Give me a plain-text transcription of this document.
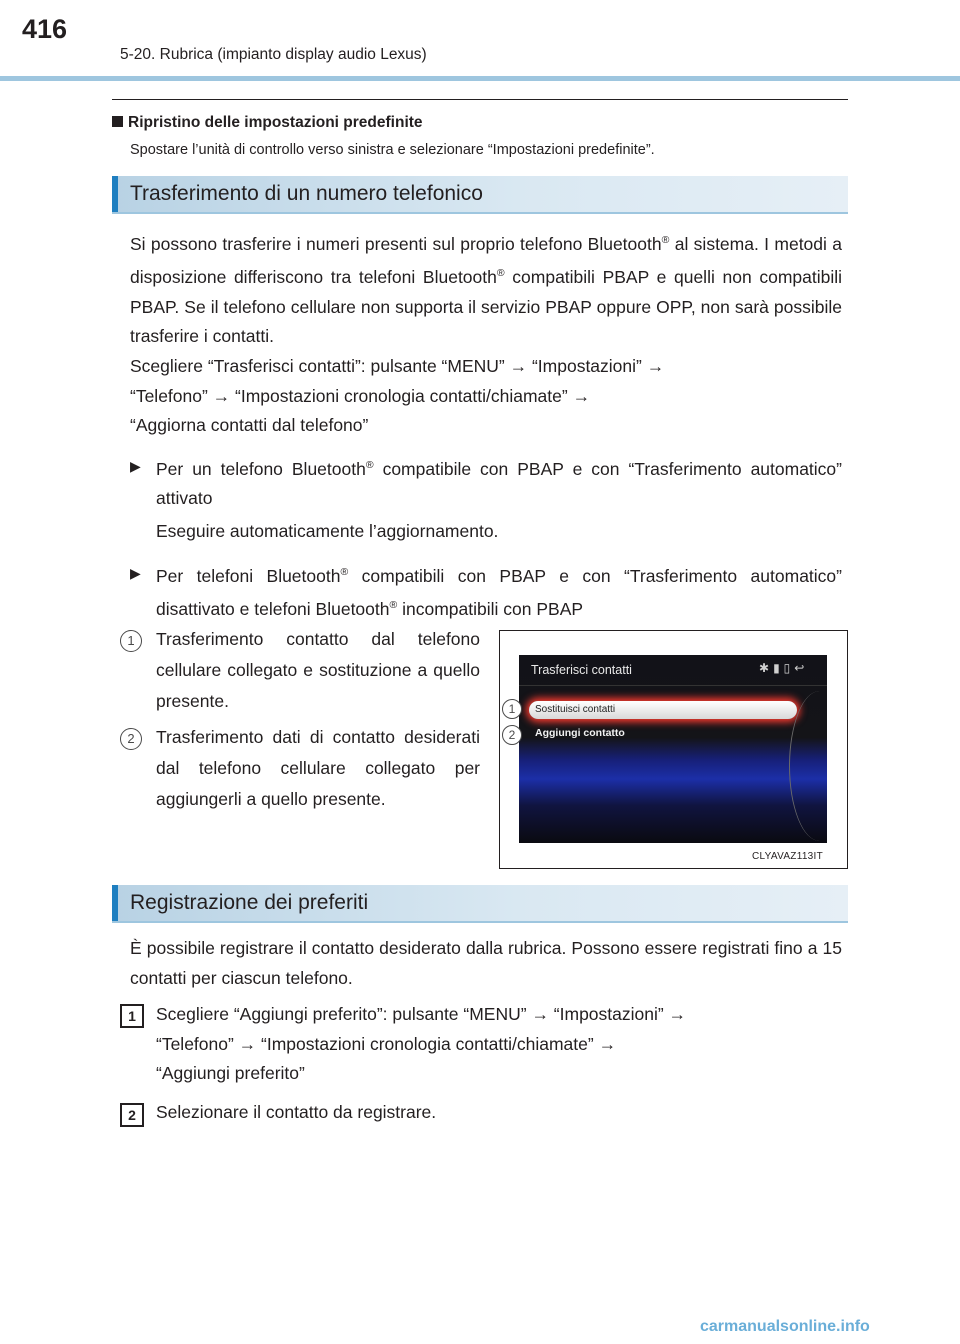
416
5-20. Rubrica (impianto display audio Lexus)
Ripristino delle impostazioni predefinite
Spostare l’unità di controllo verso sinistra e selezionare “Impostazioni predefinite”.
Trasferimento di un numero telefonico
Si possono trasferire i numeri presenti sul proprio telefono Bluetooth® al sistema. I metodi a disposizione differiscono tra telefoni Bluetooth® compatibili PBAP e quelli non compatibili PBAP. Se il telefono cellulare non supporta il servizio PBAP oppure OPP, non sarà possibile trasferire i contatti.
Scegliere “Trasferisci contatti”: pulsante “MENU” → “Impostazioni” →
“Telefono” → “Impostazioni cronologia contatti/chiamate” →
“Aggiorna contatti dal telefono”
▶ Per un telefono Bluetooth® compatibile con PBAP e con “Trasferimento automatico” attivato
Eseguire automaticamente l’aggiornamento.
▶ Per telefoni Bluetooth® compatibili con PBAP e con “Trasferimento automatico” disattivato e telefoni Bluetooth® incompatibili con PBAP
1	Trasferimento contatto dal telefono cellulare collegato e sostituzione a quello presente.
2	Trasferimento dati di contatto desiderati dal telefono cellulare collegato per aggiungerli a quello presente.
Trasferisci contatti	✱▮▯↩
Sostituisci contatti
Aggiungi contatto
1
2
CLYAVAZ113IT
Registrazione dei preferiti
È possibile registrare il contatto desiderato dalla rubrica. Possono essere registrati fino a 15 contatti per ciascun telefono.
1	Scegliere “Aggiungi preferito”: pulsante “MENU” → “Impostazioni” →
“Telefono” → “Impostazioni cronologia contatti/chiamate” →
“Aggiungi preferito”
2	Selezionare il contatto da registrare.
carmanualsonline.info
